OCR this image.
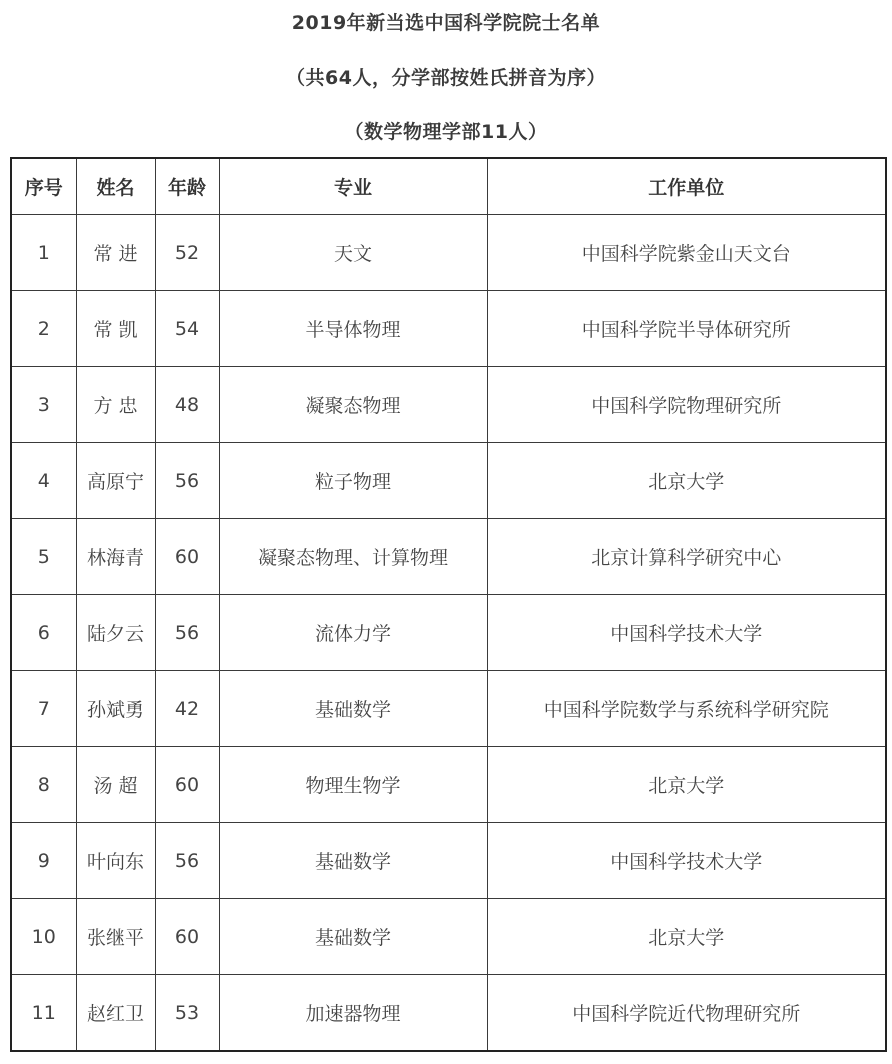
2019年新当选中国科学院院士名单
（共64人，分学部按姓氏拼音为序）
（数学物理学部11人）
序号	姓名	年龄	专业	工作单位
1	常 进	52	天文	中国科学院紫金山天文台
2	常 凯	54	半导体物理	中国科学院半导体研究所
3	方 忠	48	凝聚态物理	中国科学院物理研究所
4	高原宁	56	粒子物理	北京大学
5	林海青	60	凝聚态物理、计算物理	北京计算科学研究中心
6	陆夕云	56	流体力学	中国科学技术大学
7	孙斌勇	42	基础数学	中国科学院数学与系统科学研究院
8	汤 超	60	物理生物学	北京大学
9	叶向东	56	基础数学	中国科学技术大学
10	张继平	60	基础数学	北京大学
11	赵红卫	53	加速器物理	中国科学院近代物理研究所
